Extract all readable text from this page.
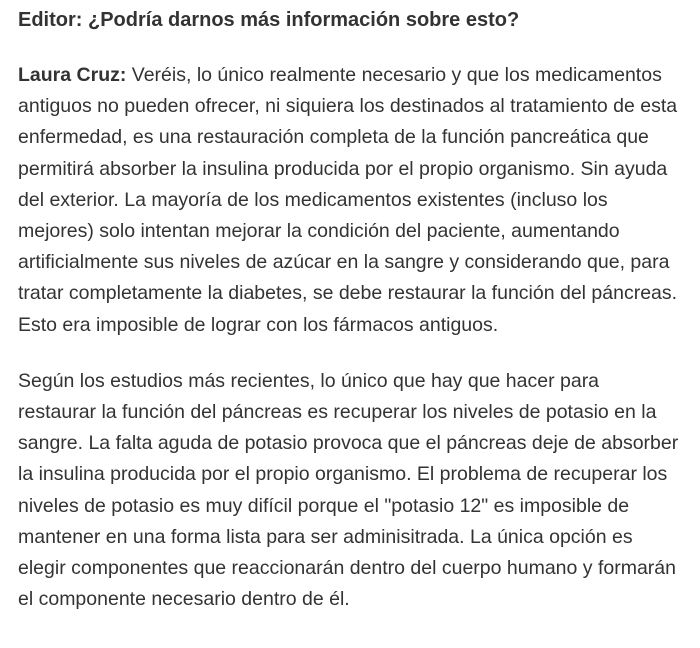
Editor: ¿Podría darnos más información sobre esto?

Laura Cruz: Veréis, lo único realmente necesario y que los medicamentos antiguos no pueden ofrecer, ni siquiera los destinados al tratamiento de esta enfermedad, es una restauración completa de la función pancreática que permitirá absorber la insulina producida por el propio organismo. Sin ayuda del exterior. La mayoría de los medicamentos existentes (incluso los mejores) solo intentan mejorar la condición del paciente, aumentando artificialmente sus niveles de azúcar en la sangre y considerando que, para tratar completamente la diabetes, se debe restaurar la función del páncreas. Esto era imposible de lograr con los fármacos antiguos.

Según los estudios más recientes, lo único que hay que hacer para restaurar la función del páncreas es recuperar los niveles de potasio en la sangre. La falta aguda de potasio provoca que el páncreas deje de absorber la insulina producida por el propio organismo. El problema de recuperar los niveles de potasio es muy difícil porque el "potasio 12" es imposible de mantener en una forma lista para ser adminisitrada. La única opción es elegir componentes que reaccionarán dentro del cuerpo humano y formarán el componente necesario dentro de él.
